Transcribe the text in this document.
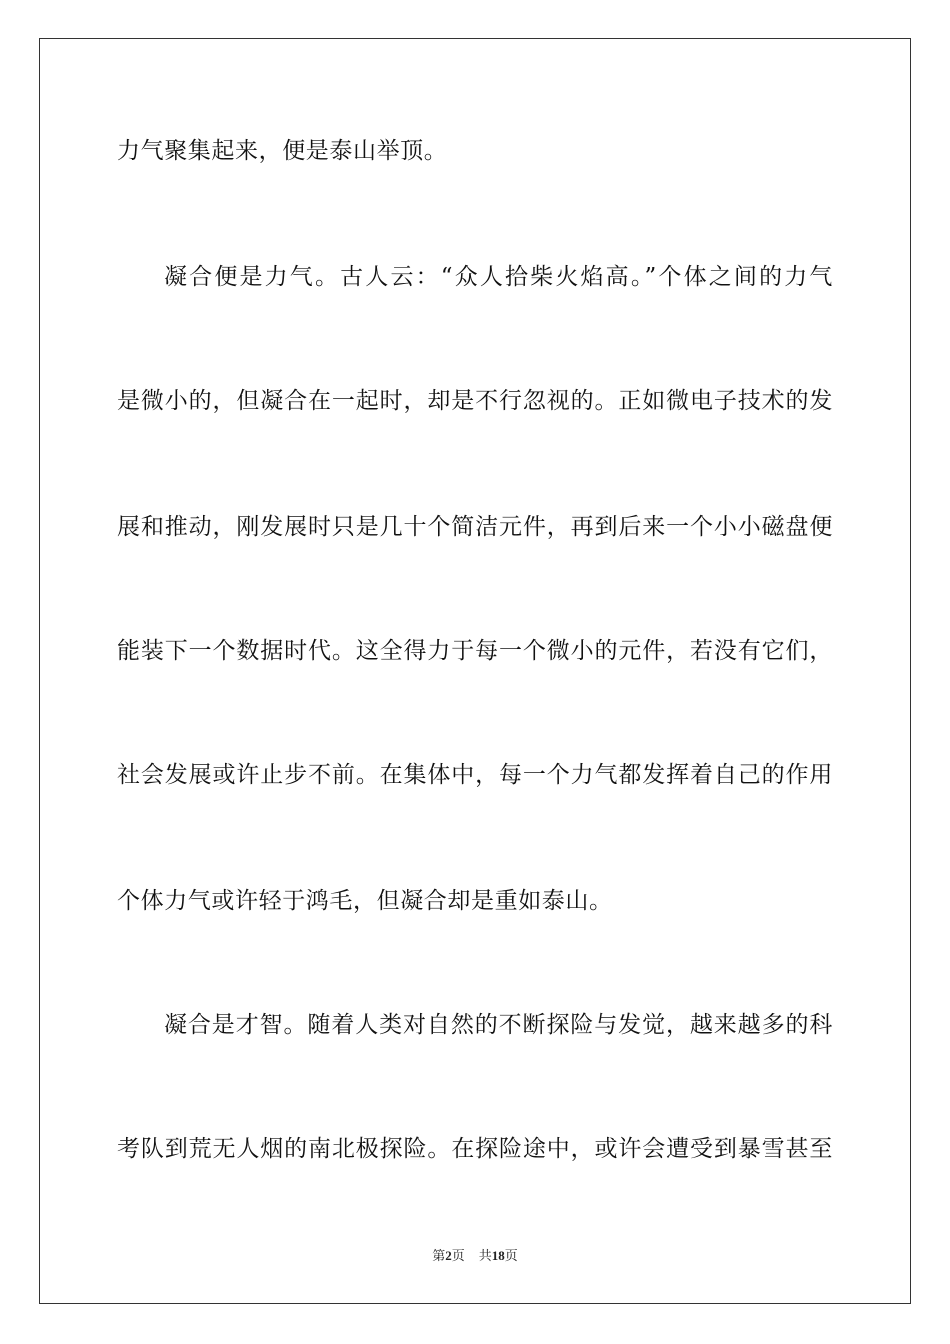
力气聚集起来，便是泰山举顶。
凝合便是力气。古人云：“众人拾柴火焰高。”个体之间的力气
是微小的，但凝合在一起时，却是不行忽视的。正如微电子技术的发
展和推动，刚发展时只是几十个简洁元件，再到后来一个小小磁盘便
能装下一个数据时代。这全得力于每一个微小的元件，若没有它们，
社会发展或许止步不前。在集体中，每一个力气都发挥着自己的作用
个体力气或许轻于鸿毛，但凝合却是重如泰山。
凝合是才智。随着人类对自然的不断探险与发觉，越来越多的科
考队到荒无人烟的南北极探险。在探险途中，或许会遭受到暴雪甚至
第2页 共18页
